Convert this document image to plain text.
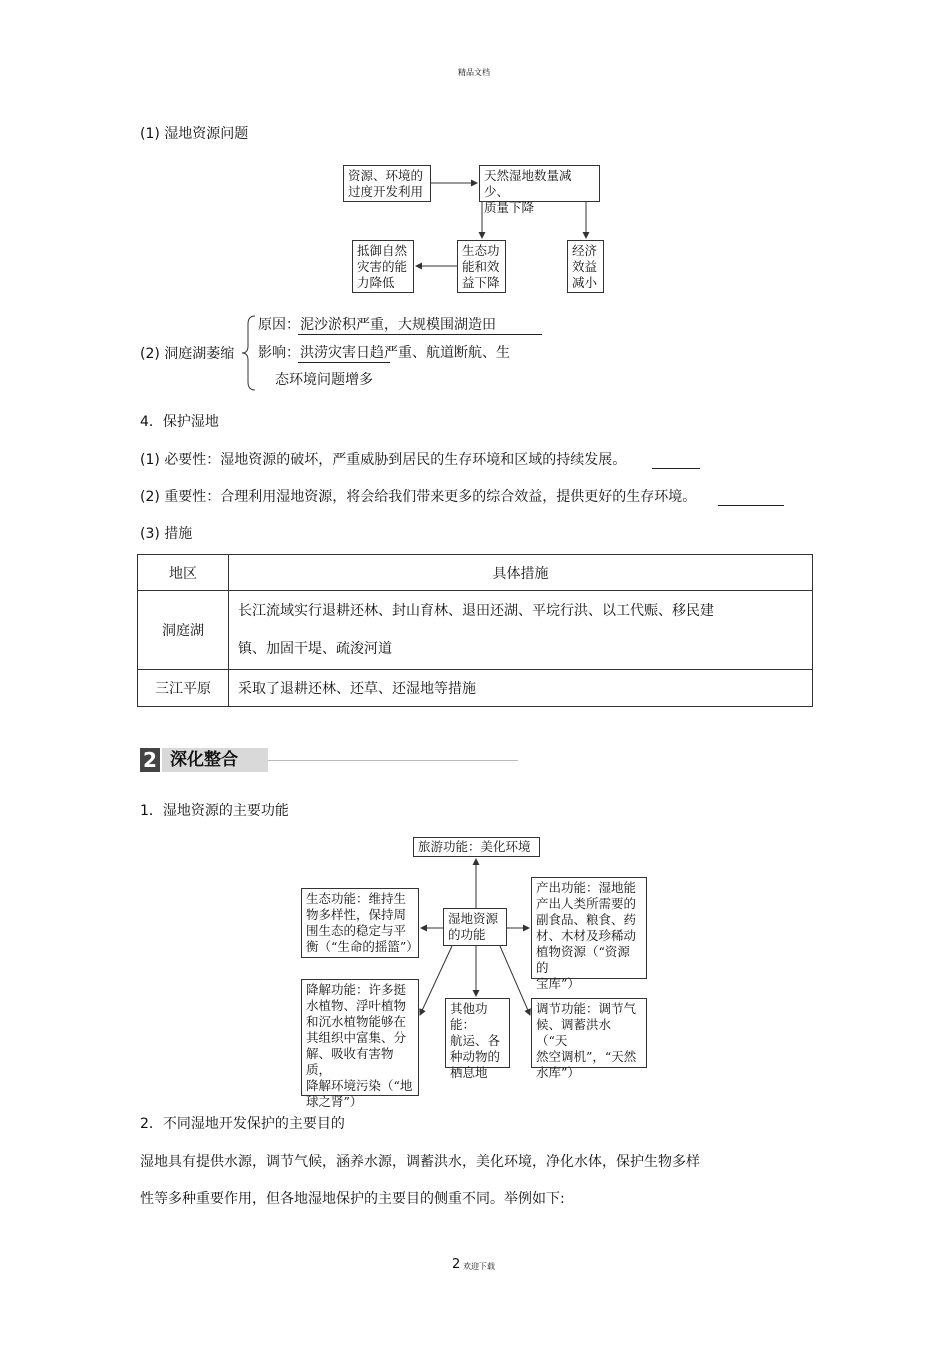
精品文档
(1) 湿地资源问题
资源、环境的
过度开发利用
天然湿地数量减少、
质量下降
抵御自然
灾害的能
力降低
生态功
能和效
益下降
经济
效益
减小
(2) 洞庭湖萎缩
原因：泥沙淤积严重，大规模围湖造田
影响：洪涝灾害日趋严重、航道断航、生
态环境问题增多
4．保护湿地
(1) 必要性：湿地资源的破坏，严重威胁到居民的生存环境和区域的持续发展。
(2) 重要性：合理利用湿地资源，将会给我们带来更多的综合效益，提供更好的生存环境。
(3) 措施
地区	具体措施
洞庭湖	长江流域实行退耕还林、封山育林、退田还湖、平垸行洪、以工代赈、移民建
镇、加固干堤、疏浚河道

三江平原	采取了退耕还林、还草、还湿地等措施
2 深化整合
1．湿地资源的主要功能
旅游功能：美化环境
生态功能：维持生
物多样性，保持周
围生态的稳定与平
衡（“生命的摇篮”）
湿地资源
的功能
产出功能：湿地能
产出人类所需要的
副食品、粮食、药
材、木材及珍稀动
植物资源（“资源的
宝库”）
降解功能：许多挺
水植物、浮叶植物
和沉水植物能够在
其组织中富集、分
解、吸收有害物质，
降解环境污染（“地
球之肾”）
其他功能：
航运、各
种动物的
栖息地
调节功能：调节气
候、调蓄洪水（“天
然空调机”，“天然
水库”）
2．不同湿地开发保护的主要目的
湿地具有提供水源，调节气候，涵养水源，调蓄洪水，美化环境，净化水体，保护生物多样
性等多种重要作用，但各地湿地保护的主要目的侧重不同。举例如下:
2 欢迎下载
